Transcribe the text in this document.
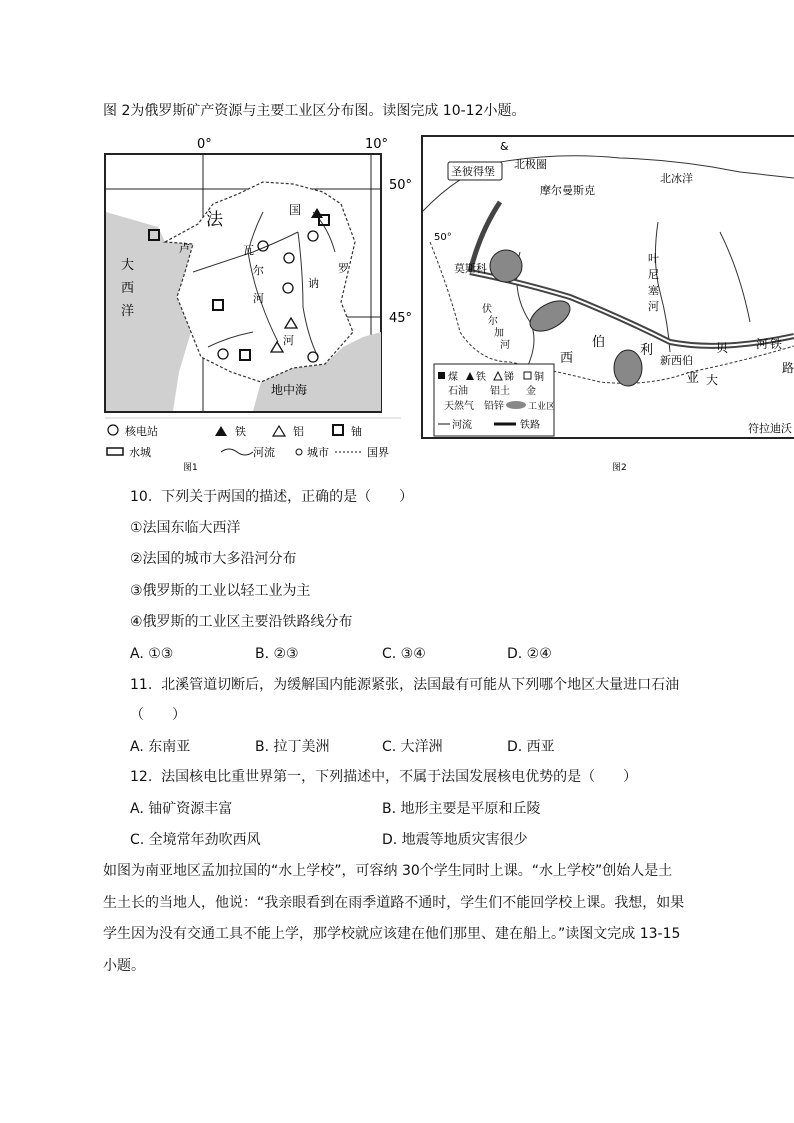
图 2为俄罗斯矿产资源与主要工业区分布图。读图完成 10-12小题。
0°	10°
50°
45°
大
西
洋
地中海
法	国
卢	瓦
尔
河
罗
讷
河
核电站	铁	铝	铀
水城	河流	城市	国界
图1
圣彼得堡
&
北极圈
摩尔曼斯克
北冰洋
50°
莫斯科
叶
尼
塞
河
伏
尔
加
河
西
伯
利
亚
新西伯
贝 河 铁
路
大
符拉迪沃
煤 铁 锑 铜
石油 铝土 金
天然气 铅锌	工业区
河流	铁路
图2
10. 下列关于两国的描述，正确的是（　　）
①法国东临大西洋
②法国的城市大多沿河分布
③俄罗斯的工业以轻工业为主
④俄罗斯的工业区主要沿铁路线分布
A. ①③	B. ②③	C. ③④	D. ②④
11. 北溪管道切断后，为缓解国内能源紧张，法国最有可能从下列哪个地区大量进口石油
（　　）
A. 东南亚	B. 拉丁美洲	C. 大洋洲	D. 西亚
12. 法国核电比重世界第一，下列描述中，不属于法国发展核电优势的是（　　）
A. 铀矿资源丰富	B. 地形主要是平原和丘陵
C. 全境常年劲吹西风	D. 地震等地质灾害很少
如图为南亚地区孟加拉国的“水上学校”，可容纳 30个学生同时上课。“水上学校”创始人是土
生土长的当地人，他说：“我亲眼看到在雨季道路不通时，学生们不能回学校上课。我想，如果
学生因为没有交通工具不能上学，那学校就应该建在他们那里、建在船上。”读图文完成 13-15
小题。
